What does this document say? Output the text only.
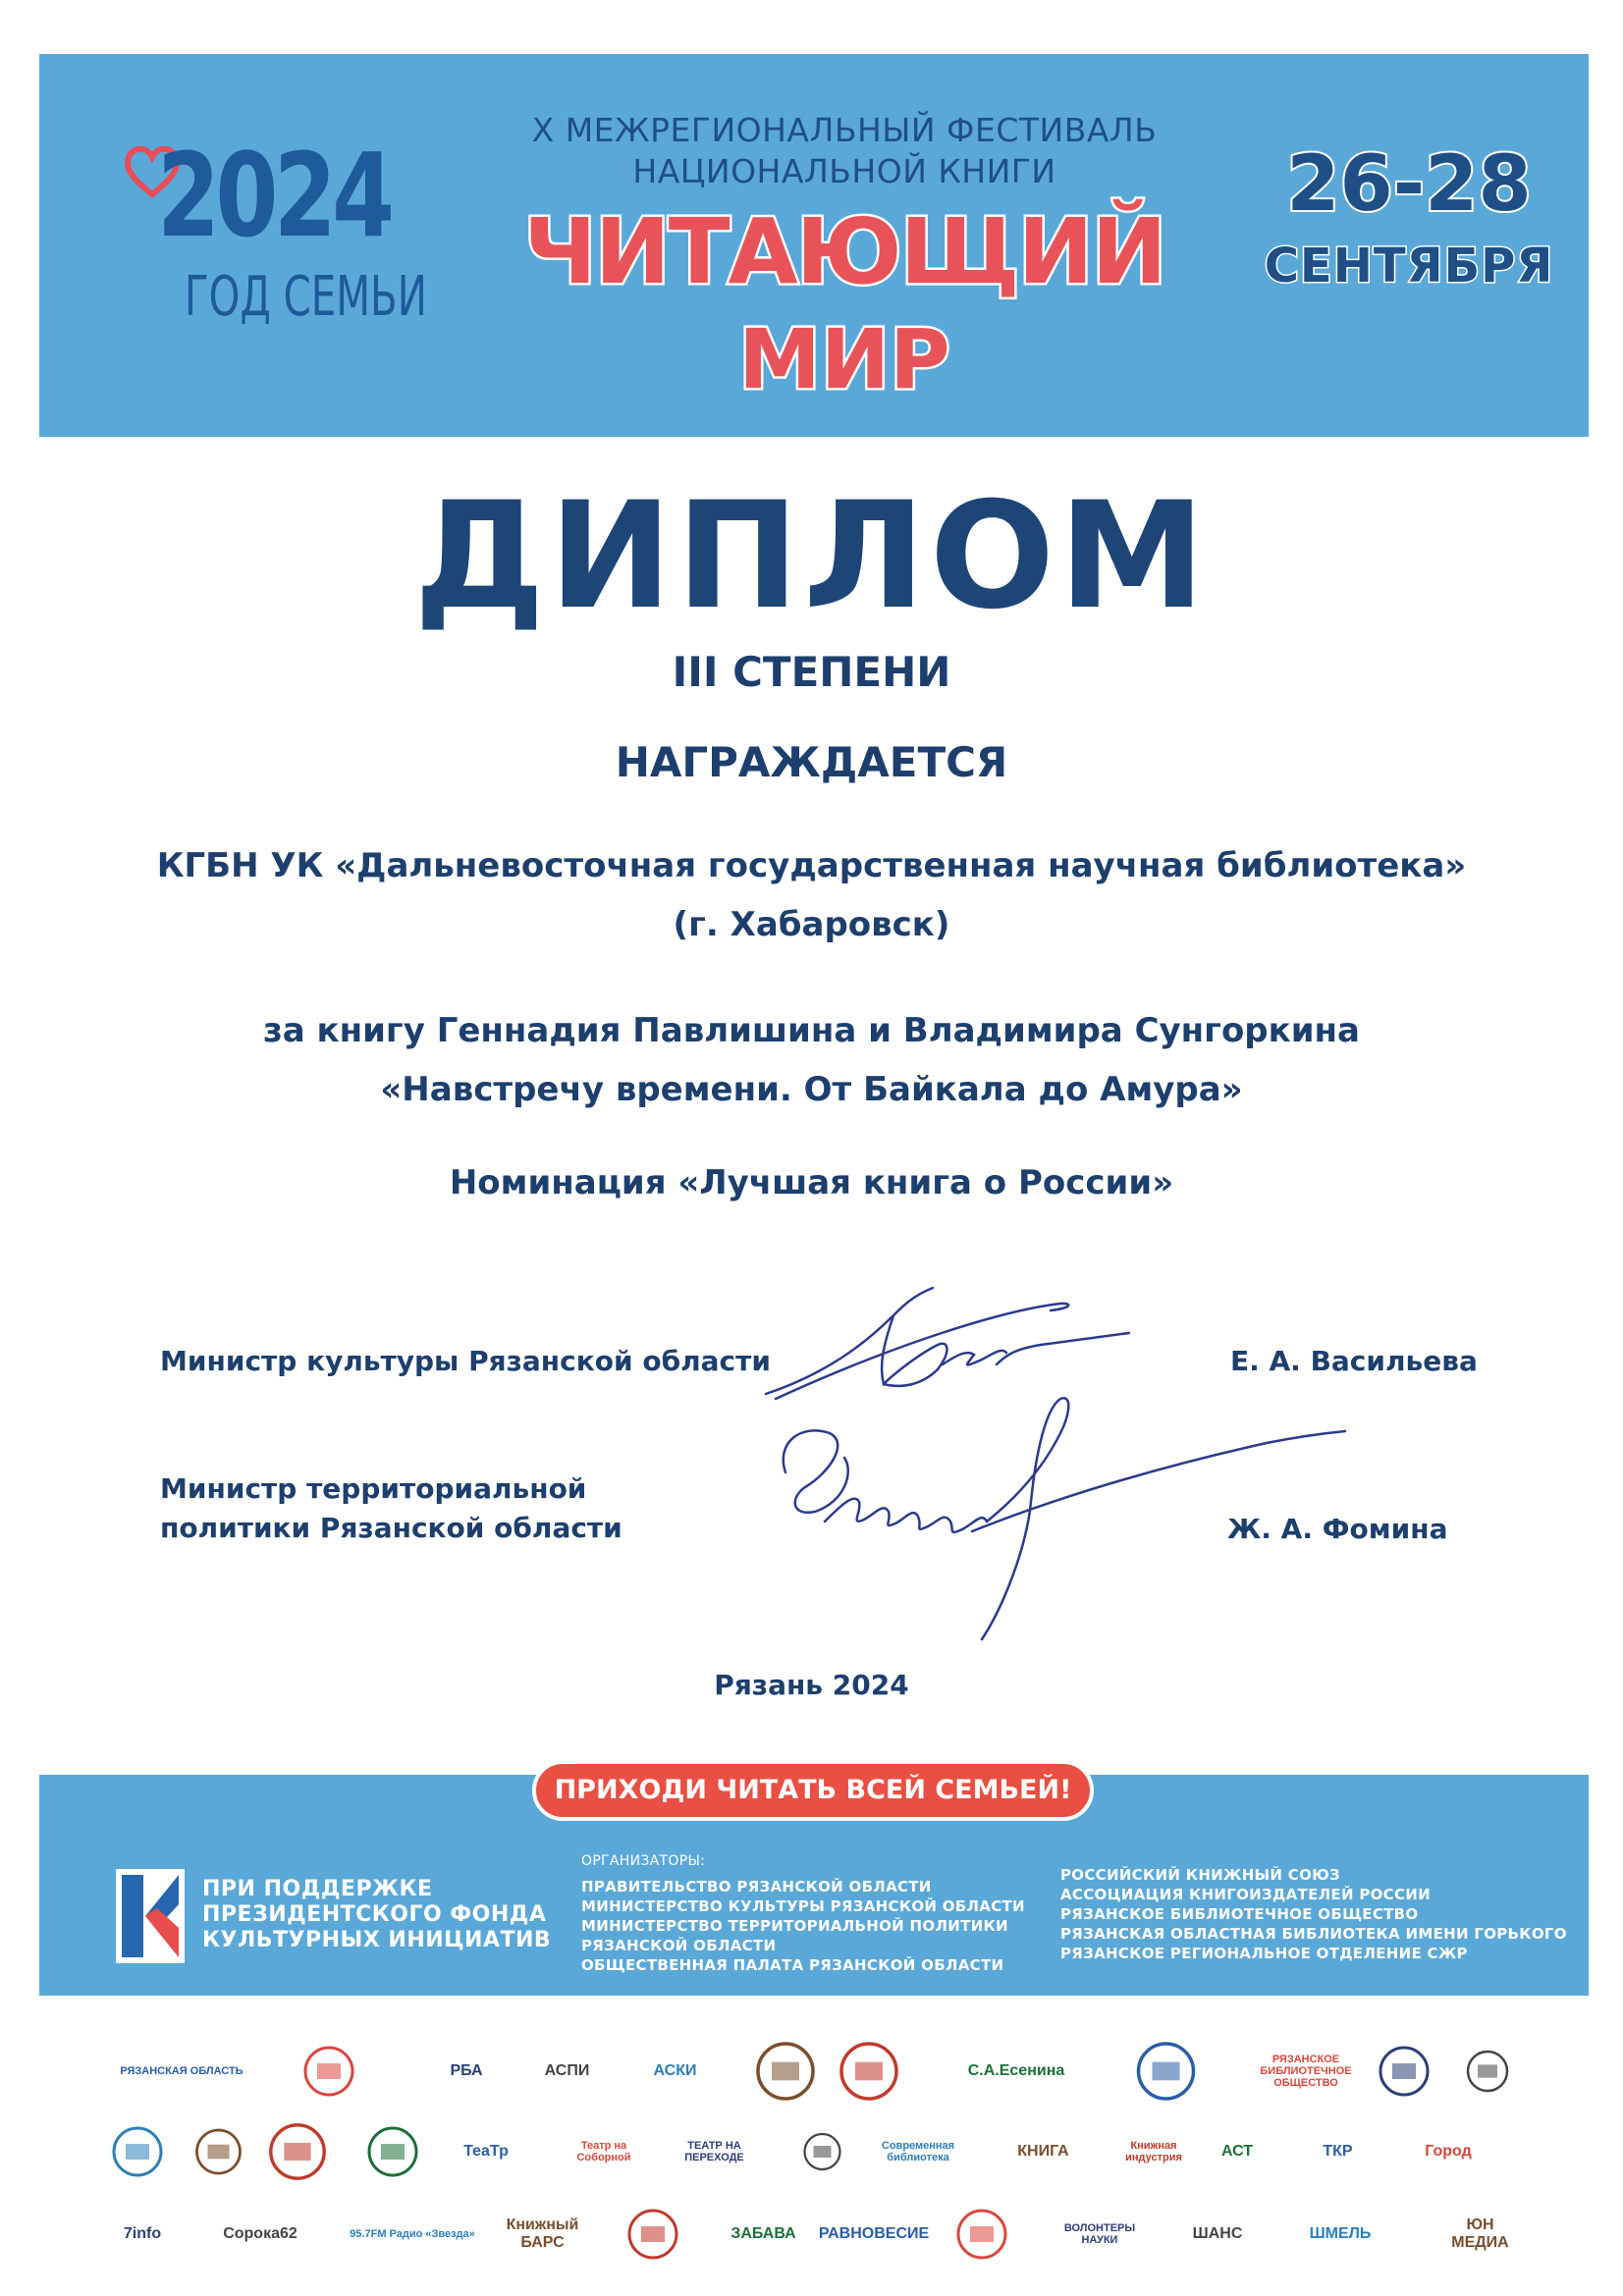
2024
ГОД СЕМЬИ
X МЕЖРЕГИОНАЛЬНЫЙ ФЕСТИВАЛЬ
НАЦИОНАЛЬНОЙ КНИГИ
ЧИТАЮЩИЙ
МИР
26-28
СЕНТЯБРЯ
ДИПЛОМ
III СТЕПЕНИ
НАГРАЖДАЕТСЯ
КГБН УК «Дальневосточная государственная научная библиотека»
(г. Хабаровск)
за книгу Геннадия Павлишина и Владимира Сунгоркина
«Навстречу времени. От Байкала до Амура»
Номинация «Лучшая книга о России»
Министр культуры Рязанской области
Министр территориальной
политики Рязанской области
Е. А. Васильева
Ж. А. Фомина
Рязань 2024
ПРИХОДИ ЧИТАТЬ ВСЕЙ СЕМЬЕЙ!
ПРИ ПОДДЕРЖКЕ
ПРЕЗИДЕНТСКОГО ФОНДА
КУЛЬТУРНЫХ ИНИЦИАТИВ
ОРГАНИЗАТОРЫ:
ПРАВИТЕЛЬСТВО РЯЗАНСКОЙ ОБЛАСТИ
МИНИСТЕРСТВО КУЛЬТУРЫ РЯЗАНСКОЙ ОБЛАСТИ
МИНИСТЕРСТВО ТЕРРИТОРИАЛЬНОЙ ПОЛИТИКИ
РЯЗАНСКОЙ ОБЛАСТИ
ОБЩЕСТВЕННАЯ ПАЛАТА РЯЗАНСКОЙ ОБЛАСТИ
РОССИЙСКИЙ КНИЖНЫЙ СОЮЗ
АССОЦИАЦИЯ КНИГОИЗДАТЕЛЕЙ РОССИИ
РЯЗАНСКОЕ БИБЛИОТЕЧНОЕ ОБЩЕСТВО
РЯЗАНСКАЯ ОБЛАСТНАЯ БИБЛИОТЕКА ИМЕНИ ГОРЬКОГО
РЯЗАНСКОЕ РЕГИОНАЛЬНОЕ ОТДЕЛЕНИЕ СЖР
РЯЗАНСКАЯ ОБЛАСТЬ	РБА	АСПИ	АСКИ	С.А.Есенина
РЯЗАНСКОЕ БИБЛИОТЕЧНОЕ ОБЩЕСТВО
ТеаТр	Театр на Соборной
ТЕАТР НА ПЕРЕХОДЕ
Современная библиотека	КНИГА	Книжная индустрия	АСТ	ТКР	Город
7info	Сорока62	95.7FM Радио «Звезда»
Книжный БАРС
ЗАБАВА	РАВНОВЕСИЕ	ВОЛОНТЕРЫ НАУКИ	ШАНС	ШМЕЛЬ
ЮН МЕДИА
